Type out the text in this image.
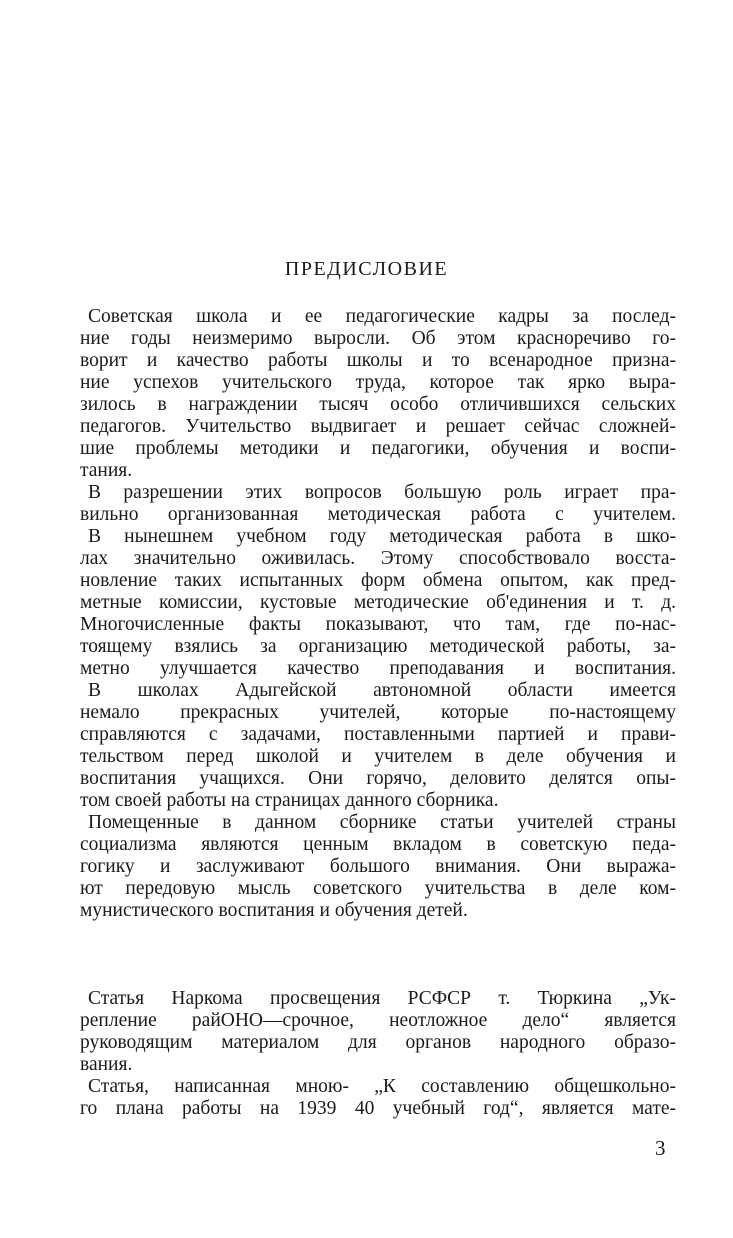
ПРЕДИСЛОВИЕ
Советская школа и ее педагогические кадры за послед-
ние годы неизмеримо выросли. Об этом красноречиво го-
ворит и качество работы школы и то всенародное призна-
ние успехов учительского труда, которое так ярко выра-
зилось в награждении тысяч особо отличившихся сельских
педагогов. Учительство выдвигает и решает сейчас сложней-
шие проблемы методики и педагогики, обучения и воспи-
тания.
В разрешении этих вопросов большую роль играет пра-
вильно организованная методическая работа с учителем.
В нынешнем учебном году методическая работа в шко-
лах значительно оживилась. Этому способствовало восста-
новление таких испытанных форм обмена опытом, как пред-
метные комиссии, кустовые методические об'единения и т. д.
Многочисленные факты показывают, что там, где по-нас-
тоящему взялись за организацию методической работы, за-
метно улучшается качество преподавания и воспитания.
В школах Адыгейской автономной области имеется
немало прекрасных учителей, которые по-настоящему
справляются с задачами, поставленными партией и прави-
тельством перед школой и учителем в деле обучения и
воспитания учащихся. Они горячо, деловито делятся опы-
том своей работы на страницах данного сборника.
Помещенные в данном сборнике статьи учителей страны
социализма являются ценным вкладом в советскую педа-
гогику и заслуживают большого внимания. Они выража-
ют передовую мысль советского учительства в деле ком-
мунистического воспитания и обучения детей.
Статья Наркома просвещения РСФСР т. Тюркина „Ук-
репление райОНО—срочное, неотложное дело“ является
руководящим материалом для органов народного образо-
вания.
Статья, написанная мною- „К составлению общешкольно-
го плана работы на 1939 40 учебный год“, является мате-
3
